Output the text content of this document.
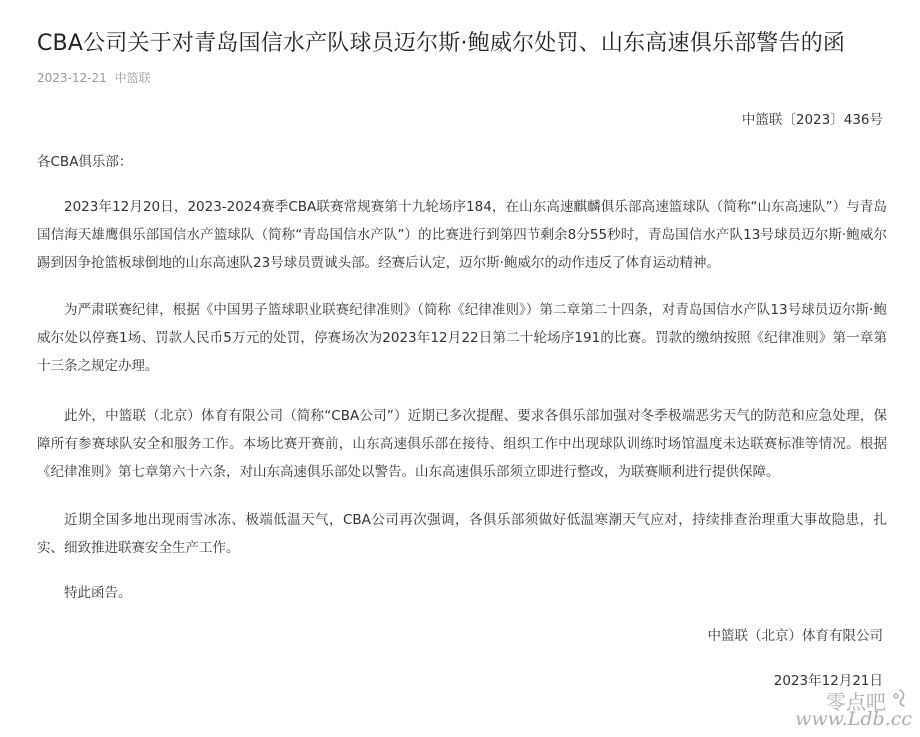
CBA公司关于对青岛国信水产队球员迈尔斯·鲍威尔处罚、山东高速俱乐部警告的函
2023-12-21 中篮联
中篮联〔2023〕436号
各CBA俱乐部：

2023年12月20日，2023-2024赛季CBA联赛常规赛第十九轮场序184，在山东高速麒麟俱乐部高速篮球队（简称“山东高速队”）与青岛国信海天雄鹰俱乐部国信水产篮球队（简称“青岛国信水产队”）的比赛进行到第四节剩余8分55秒时，青岛国信水产队13号球员迈尔斯·鲍威尔踢到因争抢篮板球倒地的山东高速队23号球员贾诚头部。经赛后认定，迈尔斯·鲍威尔的动作违反了体育运动精神。

为严肃联赛纪律，根据《中国男子篮球职业联赛纪律准则》（简称《纪律准则》）第二章第二十四条，对青岛国信水产队13号球员迈尔斯·鲍威尔处以停赛1场、罚款人民币5万元的处罚，停赛场次为2023年12月22日第二十轮场序191的比赛。罚款的缴纳按照《纪律准则》第一章第十三条之规定办理。

此外，中篮联（北京）体育有限公司（简称“CBA公司”）近期已多次提醒、要求各俱乐部加强对冬季极端恶劣天气的防范和应急处理，保障所有参赛球队安全和服务工作。本场比赛开赛前，山东高速俱乐部在接待、组织工作中出现球队训练时场馆温度未达联赛标准等情况。根据《纪律准则》第七章第六十六条，对山东高速俱乐部处以警告。山东高速俱乐部须立即进行整改，为联赛顺利进行提供保障。

近期全国多地出现雨雪冰冻、极端低温天气，CBA公司再次强调，各俱乐部须做好低温寒潮天气应对，持续排查治理重大事故隐患，扎实、细致推进联赛安全生产工作。

特此函告。

中篮联（北京）体育有限公司
2023年12月21日
零点吧
www.Ldb.cc
